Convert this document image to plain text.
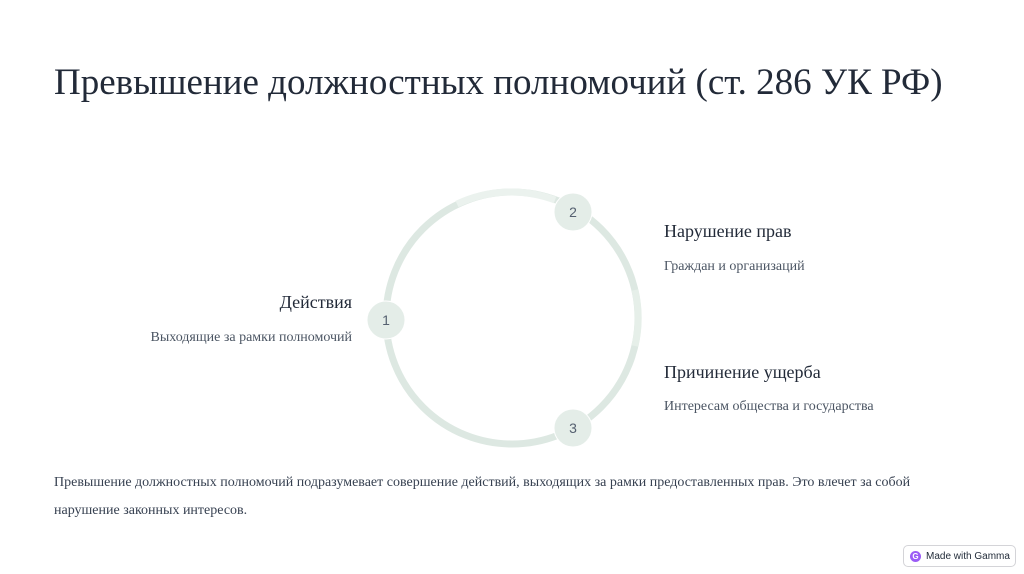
Превышение должностных полномочий (ст. 286 УК РФ)
1
2
3
Действия

Выходящие за рамки полномочий

Нарушение прав

Граждан и организаций

Причинение ущерба

Интересам общества и государства

Превышение должностных полномочий подразумевает совершение действий, выходящих за рамки предоставленных прав. Это влечет за собой нарушение законных интересов.

G Made with Gamma
